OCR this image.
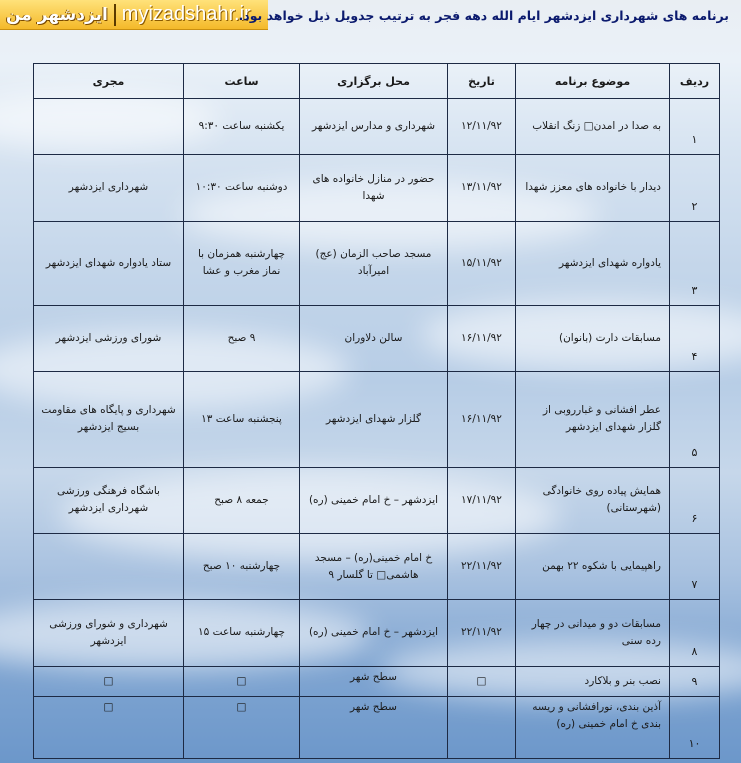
ایزدشهر من myizadshahr.ir
برنامه های شهرداری ایزدشهر ایام الله دهه فجر به ترتیب جدویل ذیل خواهد بود.
ردیف	موضوع برنامه	تاریخ	محل برگزاری	ساعت	مجری
۱	به صدا در امدن□ زنگ انقلاب	۱۲/۱۱/۹۲	شهرداری و مدارس ایزدشهر	یکشنبه ساعت ۹:۳۰	
۲	دیدار با خانواده های معزز شهدا	۱۳/۱۱/۹۲	حضور در منازل خانواده های شهدا	دوشنبه ساعت ۱۰:۳۰	شهرداری ایزدشهر
۳	یادواره شهدای ایزدشهر	۱۵/۱۱/۹۲	مسجد صاحب الزمان (عج) امیرآباد	چهارشنبه همزمان با نماز مغرب و عشا	ستاد یادواره شهدای ایزدشهر
۴	مسابقات دارت (بانوان)	۱۶/۱۱/۹۲	سالن دلاوران	۹ صبح	شورای ورزشی ایزدشهر
۵	عطر افشانی و غبارروبی از گلزار شهدای ایزدشهر	۱۶/۱۱/۹۲	گلزار شهدای ایزدشهر	پنجشنبه ساعت ۱۳	شهرداری و پایگاه های مقاومت بسیج ایزدشهر
۶	همایش پیاده روی خانوادگی (شهرستانی)	۱۷/۱۱/۹۲	ایزدشهر – خ امام خمینی (ره)	جمعه ۸ صبح	باشگاه فرهنگی ورزشی شهرداری ایزدشهر
۷	راهپیمایی با شکوه ۲۲ بهمن	۲۲/۱۱/۹۲	خ امام خمینی(ره) – مسجد هاشمی□ تا گلسار ۹	چهارشنبه ۱۰ صبح	
۸	مسابقات دو و میدانی در چهار رده سنی	۲۲/۱۱/۹۲	ایزدشهر – خ امام خمینی (ره)	چهارشنبه ساعت ۱۵	شهرداری و شورای ورزشی ایزدشهر
۹	نصب بنر و بلاکارد	□	سطح شهر	□	□
۱۰	آذین بندی، نورافشانی و ریسه بندی خ امام خمینی (ره)		سطح شهر	□	□
